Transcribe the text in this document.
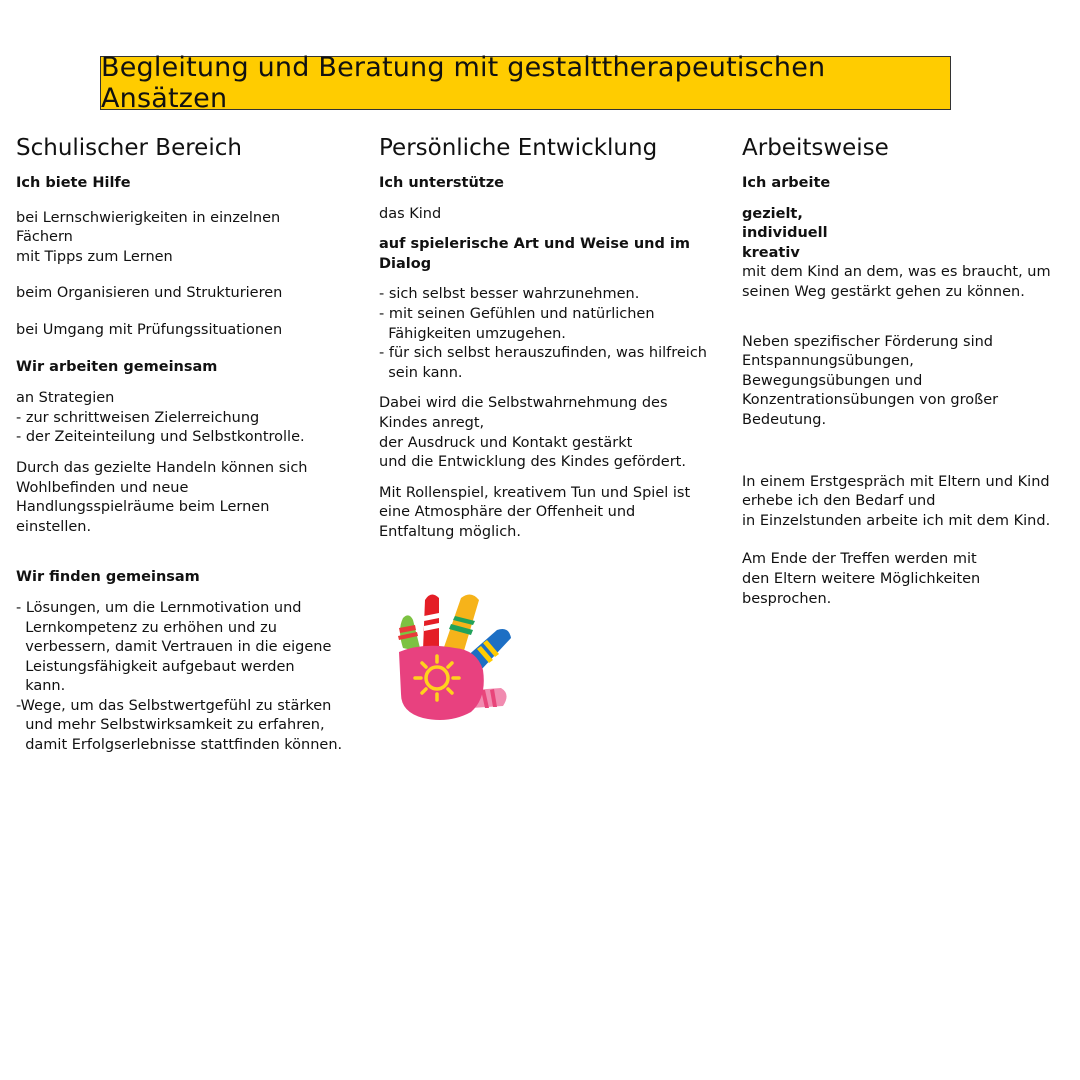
Begleitung und Beratung mit gestalttherapeutischen Ansätzen
Schulischer Bereich

Ich biete Hilfe

bei Lernschwierigkeiten in einzelnen
Fächern
mit Tipps zum Lernen

beim Organisieren und Strukturieren

bei Umgang mit Prüfungssituationen

Wir arbeiten gemeinsam

an Strategien
- zur schrittweisen Zielerreichung
- der Zeiteinteilung und Selbstkontrolle.

Durch das gezielte Handeln können sich
Wohlbefinden und neue
Handlungsspielräume beim Lernen
einstellen.

Wir finden gemeinsam

- Lösungen, um die Lernmotivation und
Lernkompetenz zu erhöhen und zu
verbessern, damit Vertrauen in die eigene
Leistungsfähigkeit aufgebaut werden
kann.
-Wege, um das Selbstwertgefühl zu stärken
und mehr Selbstwirksamkeit zu erfahren,
damit Erfolgserlebnisse stattfinden können.

Persönliche Entwicklung

Ich unterstütze

das Kind

auf spielerische Art und Weise und im
Dialog

- sich selbst besser wahrzunehmen.
- mit seinen Gefühlen und natürlichen
Fähigkeiten umzugehen.
- für sich selbst herauszufinden, was hilfreich
sein kann.

Dabei wird die Selbstwahrnehmung des
Kindes anregt,
der Ausdruck und Kontakt gestärkt
und die Entwicklung des Kindes gefördert.

Mit Rollenspiel, kreativem Tun und Spiel ist
eine Atmosphäre der Offenheit und
Entfaltung möglich.

Arbeitsweise

Ich arbeite

gezielt,
individuell
kreativ

mit dem Kind an dem, was es braucht, um
seinen Weg gestärkt gehen zu können.

Neben spezifischer Förderung sind
Entspannungsübungen,
Bewegungsübungen und
Konzentrationsübungen von großer
Bedeutung.

In einem Erstgespräch mit Eltern und Kind
erhebe ich den Bedarf und
in Einzelstunden arbeite ich mit dem Kind.

Am Ende der Treffen werden mit
den Eltern weitere Möglichkeiten
besprochen.
